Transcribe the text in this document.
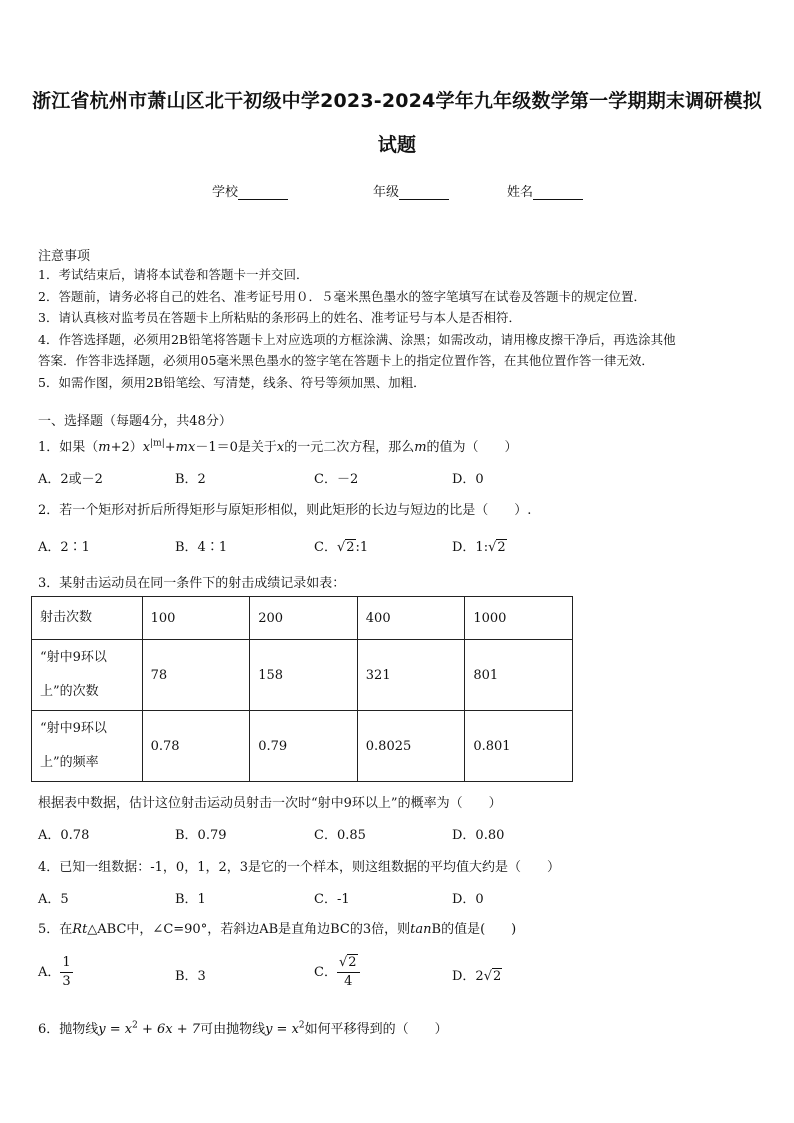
浙江省杭州市萧山区北干初级中学2023-2024学年九年级数学第一学期期末调研模拟
试题
学校	年级	姓名
注意事项

1．考试结束后，请将本试卷和答题卡一并交回．

2．答题前，请务必将自己的姓名、准考证号用０．５毫米黑色墨水的签字笔填写在试卷及答题卡的规定位置．

3．请认真核对监考员在答题卡上所粘贴的条形码上的姓名、准考证号与本人是否相符．

4．作答选择题，必须用2B铅笔将答题卡上对应选项的方框涂满、涂黑；如需改动，请用橡皮擦干净后，再选涂其他

答案．作答非选择题，必须用05毫米黑色墨水的签字笔在答题卡上的指定位置作答，在其他位置作答一律无效．

5．如需作图，须用2B铅笔绘、写清楚，线条、符号等须加黑、加粗．

一、选择题（每题4分，共48分）
1．如果$(m+2)x^{|m|}+mx-1=0$是关于x的一元二次方程，那么m的值为（　　）
A．2或－2	B．2	C．－2	D．0
2．若一个矩形对折后所得矩形与原矩形相似，则此矩形的长边与短边的比是（　　）.
A．2∶1	B．4∶1	C．√2:1	D．1:√2
3．某射击运动员在同一条件下的射击成绩记录如表：
射击次数	100	200	400	1000
“射中9环以上”的次数	78	158	321	801
“射中9环以上”的频率	0.78	0.79	0.8025	0.801
根据表中数据，估计这位射击运动员射击一次时“射中9环以上”的概率为（　　）
A．0.78	B．0.79	C．0.85	D．0.80
4．已知一组数据：-1，0，1，2，3是它的一个样本，则这组数据的平均值大约是（　　）
A．5	B．1	C．-1	D．0
5．在Rt△ABC中，∠C=90°，若斜边AB是直角边BC的3倍，则tanB的值是(　　)
A． $\frac{1}{3}$	B．3	C． $\frac{√2}{4}$	D．2√2
6．抛物线$y = x^2 + 6x + 7$可由抛物线$y = x^2$如何平移得到的（　　）
